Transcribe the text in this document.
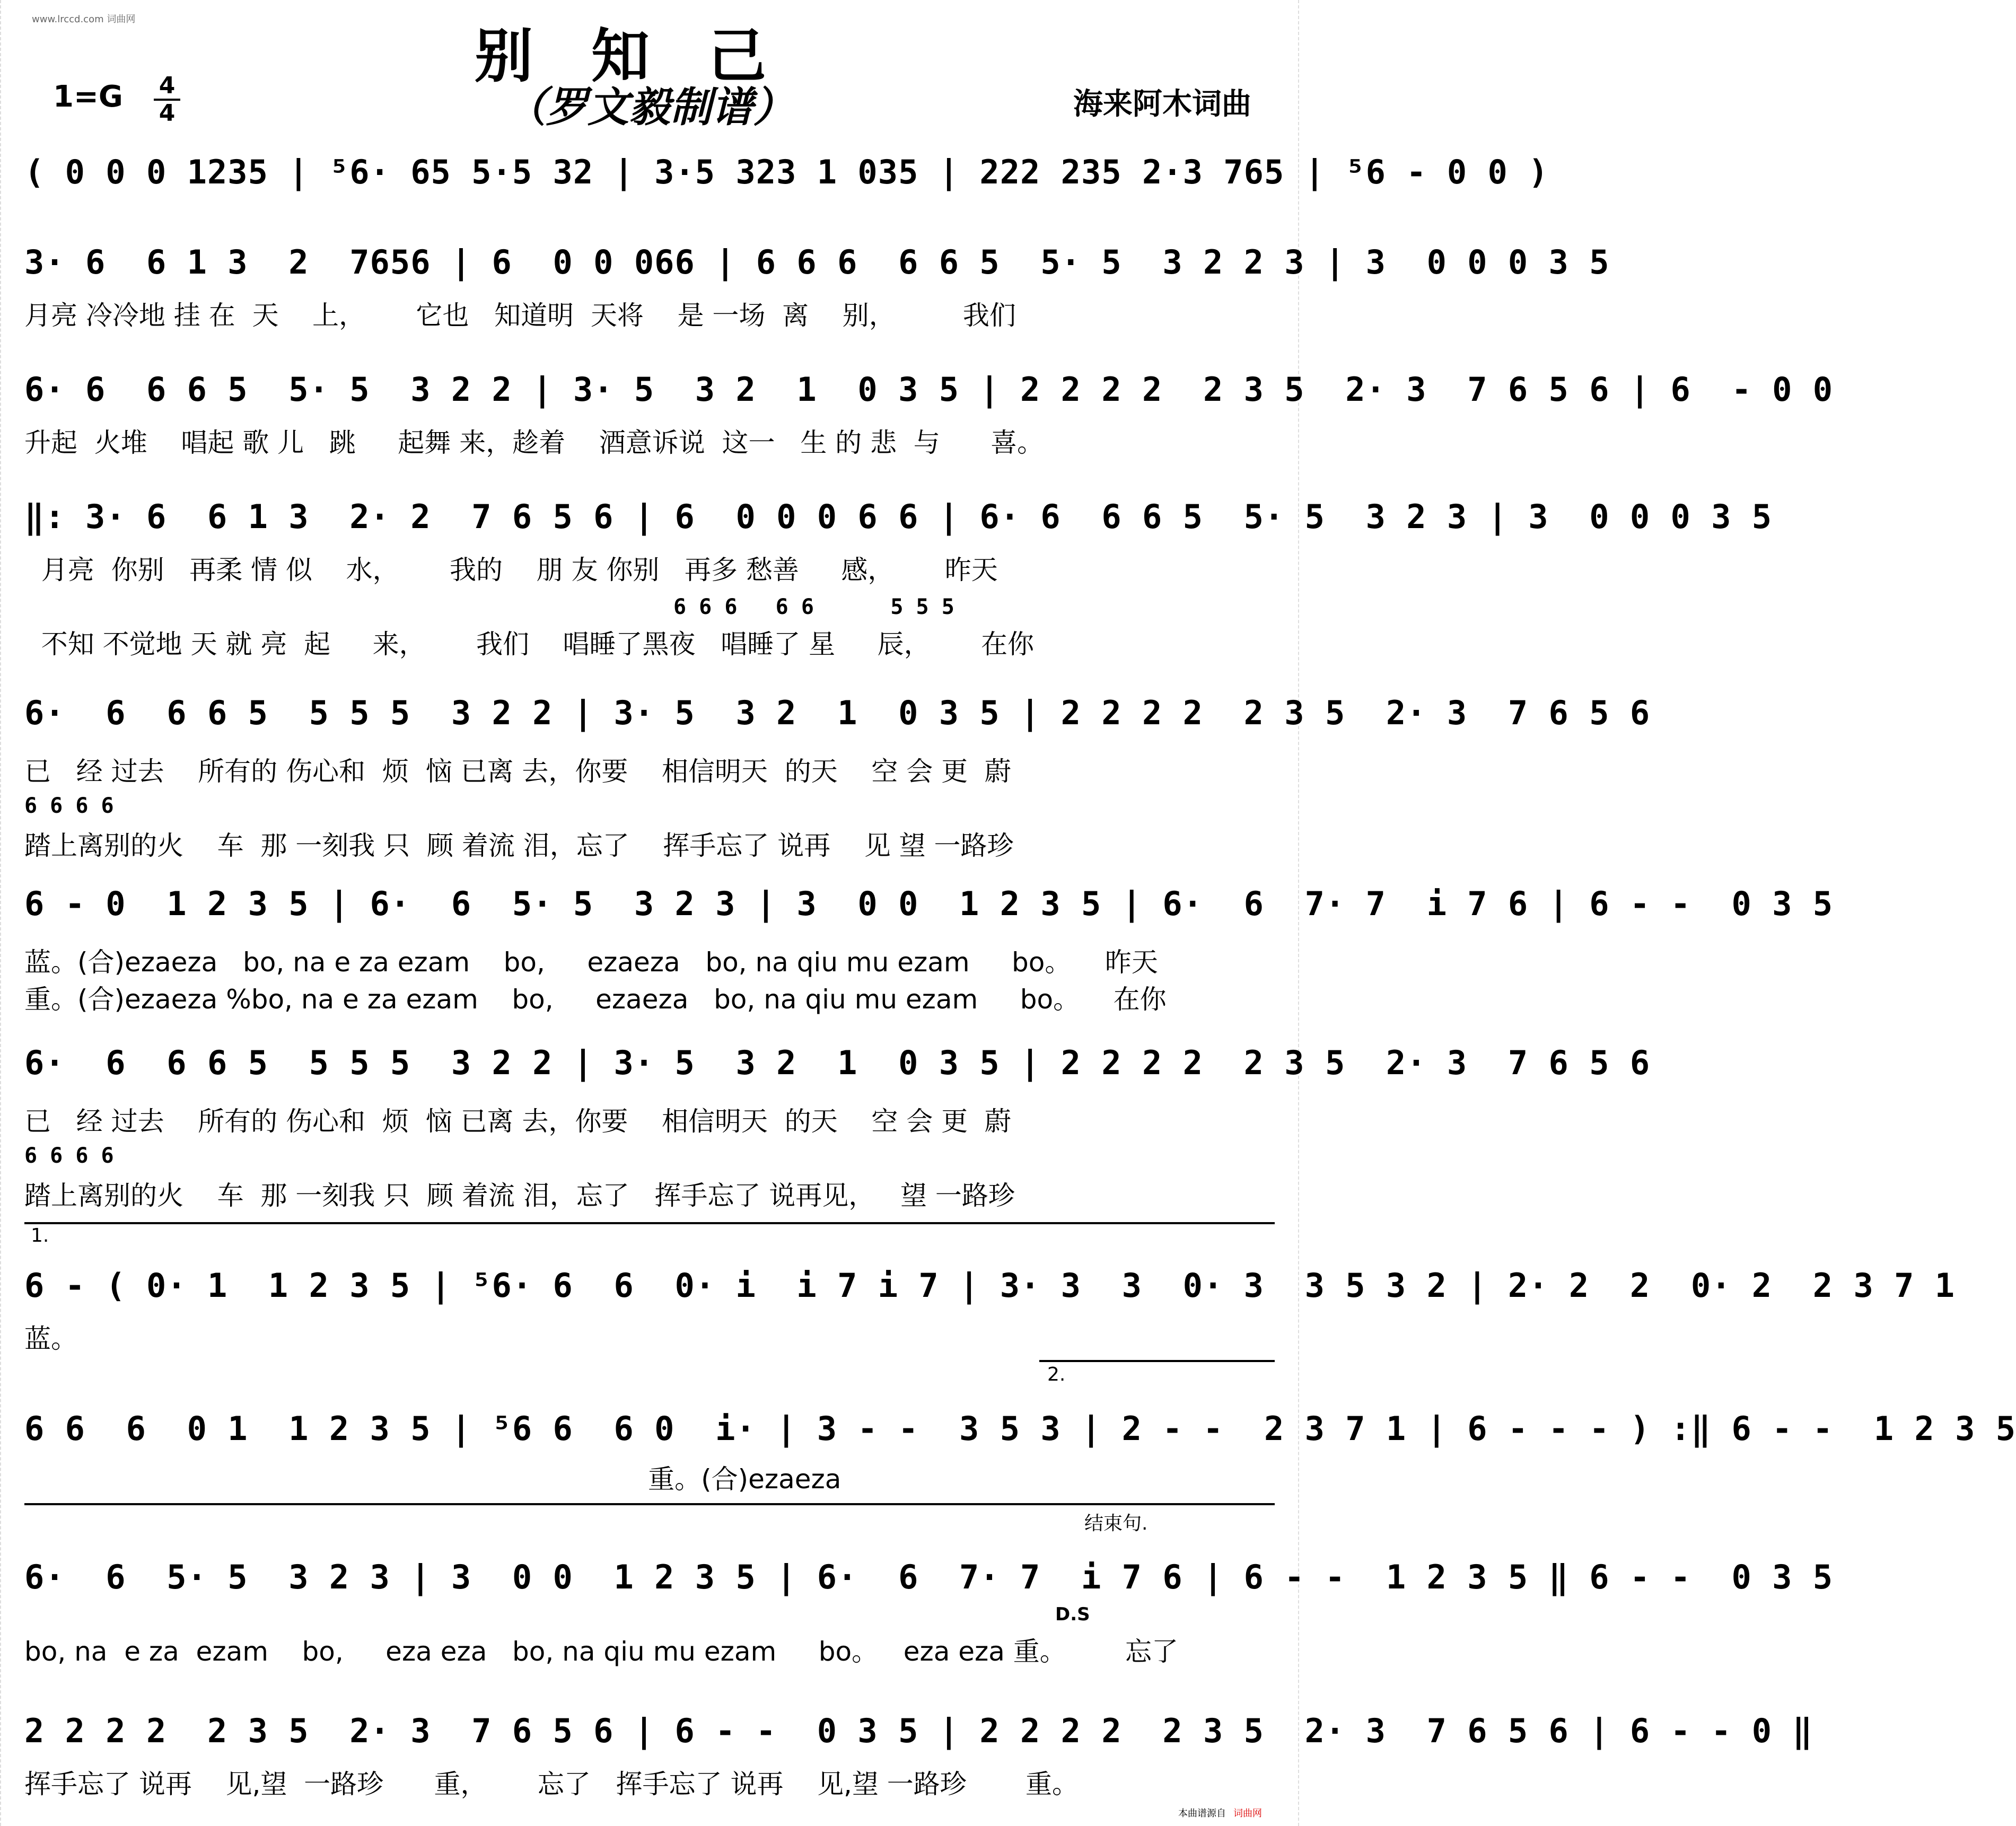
www.lrccd.com 词曲网
别知己
（罗文毅制谱）
1=G 4
4	海来阿木词曲
( 0 0 0 1235 | ⁵6· 65 5·5 32 | 3·5 323 1 035 | 222 235 2·3 765 | ⁵6 - 0 0 )
3· 6  6 1 3  2  7656 | 6  0 0 066 | 6 6 6  6 6 5  5· 5  3 2 2 3 | 3  0 0 0 3 5
月亮 冷冷地 挂 在  天    上，      它也   知道明  天将    是 一场  离    别，        我们
6· 6  6 6 5  5· 5  3 2 2 | 3· 5  3 2  1  0 3 5 | 2 2 2 2  2 3 5  2· 3  7 6 5 6 | 6  - 0 0
升起  火堆    唱起 歌 儿   跳     起舞 来，趁着    酒意诉说  这一   生 的 悲  与      喜。
‖: 3· 6  6 1 3  2· 2  7 6 5 6 | 6  0 0 0 6 6 | 6· 6  6 6 5  5· 5  3 2 3 | 3  0 0 0 3 5
月亮  你别   再柔 情 似    水，      我的    朋 友 你别   再多 愁善     感，      昨天
6 6 6   6 6      5 5 5
不知 不觉地 天 就 亮  起     来，      我们    唱睡了黑夜   唱睡了 星     辰，      在你
6·  6  6 6 5  5 5 5  3 2 2 | 3· 5  3 2  1  0 3 5 | 2 2 2 2  2 3 5  2· 3  7 6 5 6
已   经 过去    所有的 伤心和  烦  恼 已离 去，你要    相信明天  的天    空 会 更  蔚
6 6 6 6
踏上离别的火    车  那 一刻我 只  顾 着流 泪，忘了    挥手忘了 说再    见 望 一路珍
6 - 0  1 2 3 5 | 6·  6  5· 5  3 2 3 | 3  0 0  1 2 3 5 | 6·  6  7· 7  i 7 6 | 6 - -  0 3 5
蓝。(合)ezaeza   bo, na e za ezam    bo,     ezaeza   bo, na qiu mu ezam     bo。    昨天
重。(合)ezaeza %bo, na e za ezam    bo,     ezaeza   bo, na qiu mu ezam     bo。    在你
6·  6  6 6 5  5 5 5  3 2 2 | 3· 5  3 2  1  0 3 5 | 2 2 2 2  2 3 5  2· 3  7 6 5 6
已   经 过去    所有的 伤心和  烦  恼 已离 去，你要    相信明天  的天    空 会 更  蔚
6 6 6 6
踏上离别的火    车  那 一刻我 只  顾 着流 泪，忘了   挥手忘了 说再见，   望 一路珍
1.
6 - ( 0· 1  1 2 3 5 | ⁵6· 6  6  0· i  i 7 i 7 | 3· 3  3  0· 3  3 5 3 2 | 2· 2  2  0· 2  2 3 7 1
蓝。
2.
6 6  6  0 1  1 2 3 5 | ⁵6 6  6 0  i· | 3 - -  3 5 3 | 2 - -  2 3 7 1 | 6 - - - ) :‖ 6 - -  1 2 3 5
重。(合)ezaeza
结束句.
6·  6  5· 5  3 2 3 | 3  0 0  1 2 3 5 | 6·  6  7· 7  i 7 6 | 6 - -  1 2 3 5 ‖ 6 - -  0 3 5
D.S
bo, na  e za  ezam    bo,     eza eza   bo, na qiu mu ezam     bo。   eza eza 重。       忘了
2 2 2 2  2 3 5  2· 3  7 6 5 6 | 6 - -  0 3 5 | 2 2 2 2  2 3 5  2· 3  7 6 5 6 | 6 - - 0 ‖
挥手忘了 说再    见,望  一路珍      重，      忘了   挥手忘了 说再    见,望 一路珍       重。
本曲谱源自 词曲网
